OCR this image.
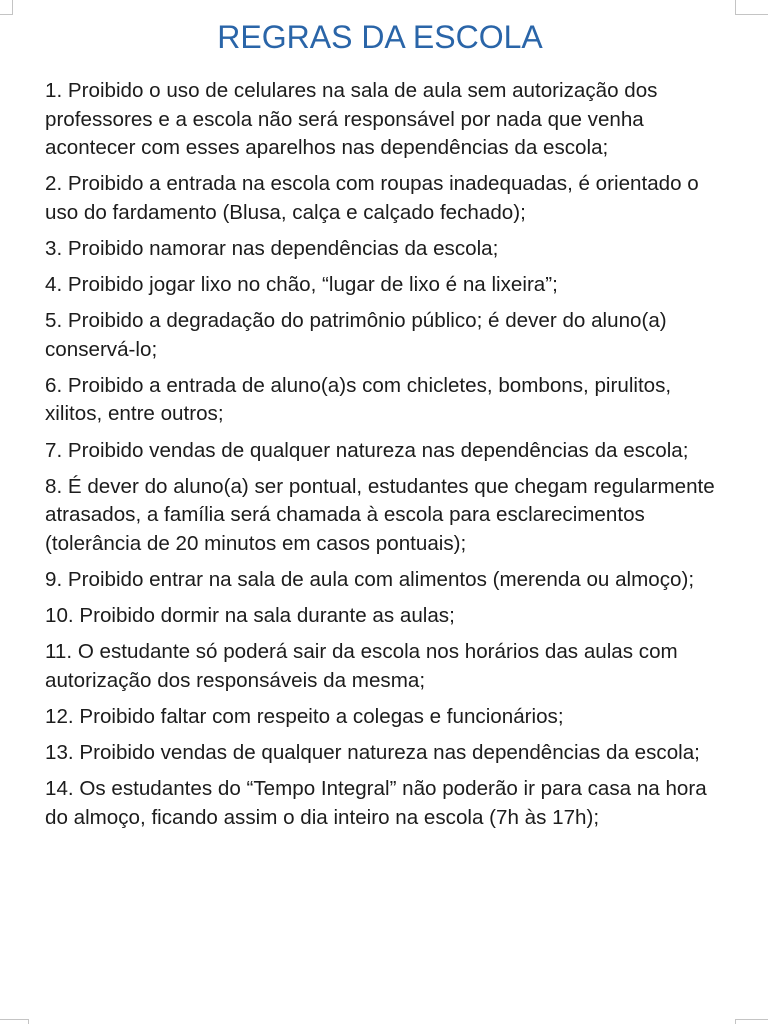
REGRAS DA ESCOLA
1. Proibido o uso de celulares na sala de aula sem autorização dos professores e a escola não será responsável por nada que venha acontecer com esses aparelhos nas dependências da escola;
2. Proibido a entrada na escola com roupas inadequadas, é orientado o uso do fardamento (Blusa, calça e calçado fechado);
3. Proibido namorar nas dependências da escola;
4. Proibido jogar lixo no chão, “lugar de lixo é na lixeira”;
5. Proibido a degradação do patrimônio público; é dever do aluno(a) conservá-lo;
6. Proibido a entrada de aluno(a)s com chicletes, bombons, pirulitos, xilitos, entre outros;
7. Proibido vendas de qualquer natureza nas dependências da escola;
8. É dever do aluno(a) ser pontual, estudantes que chegam regularmente atrasados, a família será chamada à escola para esclarecimentos (tolerância de 20 minutos em casos pontuais);
9. Proibido entrar na sala de aula com alimentos (merenda ou almoço);
10. Proibido dormir na sala durante as aulas;
11. O estudante só poderá sair da escola nos horários das aulas com autorização dos responsáveis da mesma;
12. Proibido faltar com respeito a colegas e funcionários;
13. Proibido vendas de qualquer natureza nas dependências da escola;
14. Os estudantes do “Tempo Integral” não poderão ir para casa na hora do almoço, ficando assim o dia inteiro na escola (7h às 17h);
